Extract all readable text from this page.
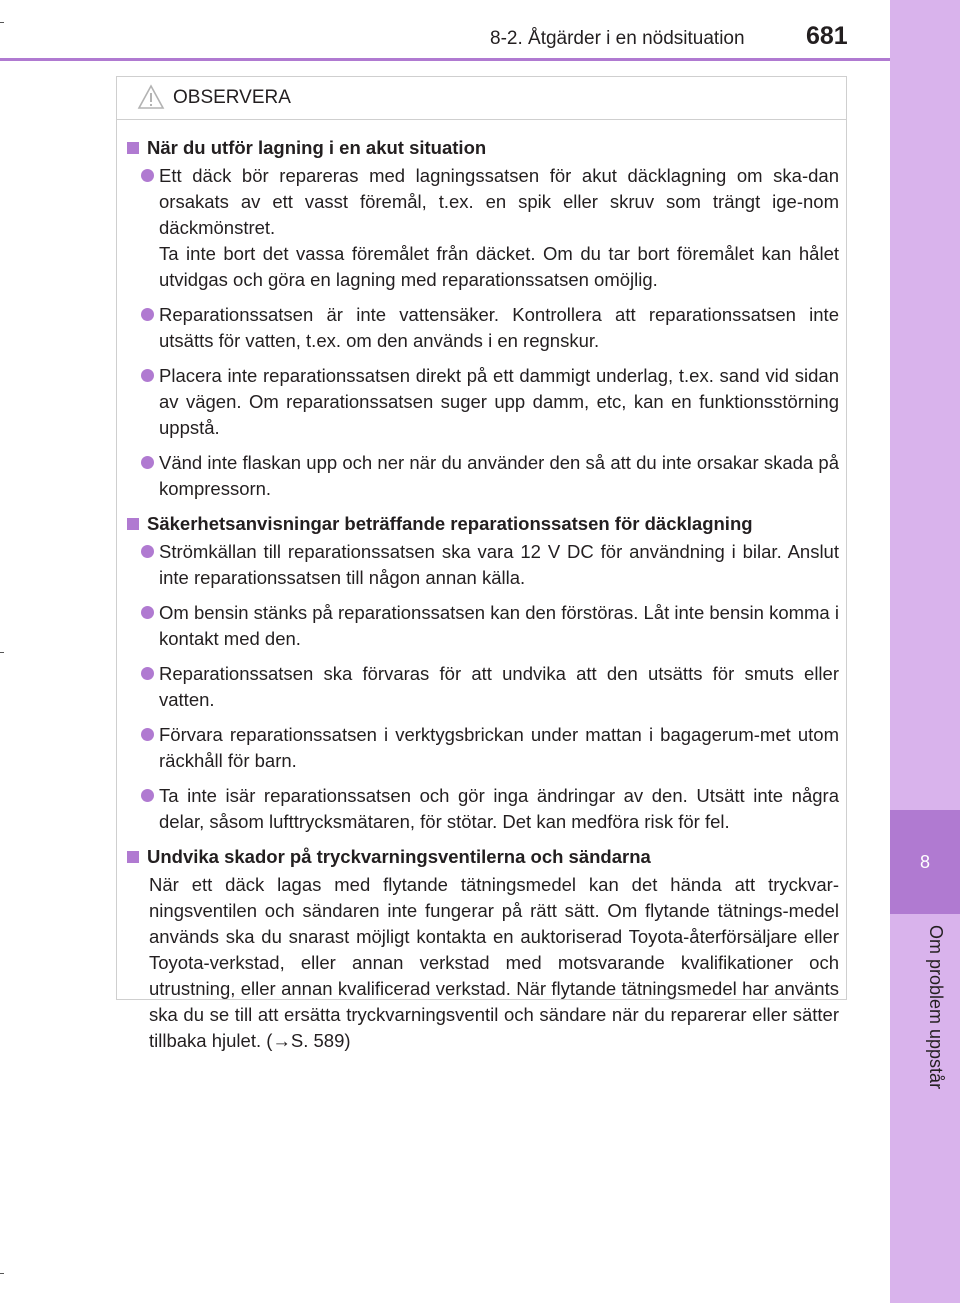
8-2. Åtgärder i en nödsituation 681
8
Om problem uppstår
OBSERVERA
När du utför lagning i en akut situation

Ett däck bör repareras med lagningssatsen för akut däcklagning om ska-dan orsakats av ett vasst föremål, t.ex. en spik eller skruv som trängt ige-nom däckmönstret.

Ta inte bort det vassa föremålet från däcket. Om du tar bort föremålet kan hålet utvidgas och göra en lagning med reparationssatsen omöjlig.

Reparationssatsen är inte vattensäker. Kontrollera att reparationssatsen inte utsätts för vatten, t.ex. om den används i en regnskur.

Placera inte reparationssatsen direkt på ett dammigt underlag, t.ex. sand vid sidan av vägen. Om reparationssatsen suger upp damm, etc, kan en funktionsstörning uppstå.

Vänd inte flaskan upp och ner när du använder den så att du inte orsakar skada på kompressorn.

Säkerhetsanvisningar beträffande reparationssatsen för däcklagning

Strömkällan till reparationssatsen ska vara 12 V DC för användning i bilar. Anslut inte reparationssatsen till någon annan källa.

Om bensin stänks på reparationssatsen kan den förstöras. Låt inte bensin komma i kontakt med den.

Reparationssatsen ska förvaras för att undvika att den utsätts för smuts eller vatten.

Förvara reparationssatsen i verktygsbrickan under mattan i bagagerum-met utom räckhåll för barn.

Ta inte isär reparationssatsen och gör inga ändringar av den. Utsätt inte några delar, såsom lufttrycksmätaren, för stötar. Det kan medföra risk för fel.

Undvika skador på tryckvarningsventilerna och sändarna
När ett däck lagas med flytande tätningsmedel kan det hända att tryckvar-ningsventilen och sändaren inte fungerar på rätt sätt. Om flytande tätnings-medel används ska du snarast möjligt kontakta en auktoriserad Toyota-återförsäljare eller Toyota-verkstad, eller annan verkstad med motsvarande kvalifikationer och utrustning, eller annan kvalificerad verkstad. När flytande tätningsmedel har använts ska du se till att ersätta tryckvarningsventil och sändare när du reparerar eller sätter tillbaka hjulet. (→S. 589)
